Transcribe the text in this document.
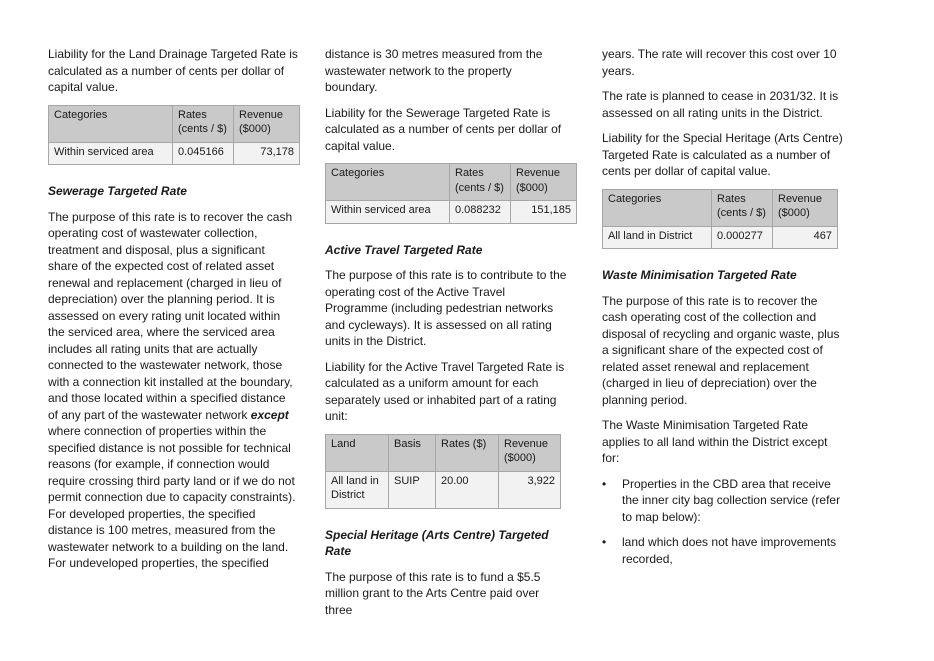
Liability for the Land Drainage Targeted Rate is calculated as a number of cents per dollar of capital value.

Categories	Rates (cents / $)	Revenue ($000)
Within serviced area	0.045166	73,178

Sewerage Targeted Rate

The purpose of this rate is to recover the cash operating cost of wastewater collection, treatment and disposal, plus a significant share of the expected cost of related asset renewal and replacement (charged in lieu of depreciation) over the planning period. It is assessed on every rating unit located within the serviced area, where the serviced area includes all rating units that are actually connected to the wastewater network, those with a connection kit installed at the boundary, and those located within a specified distance of any part of the wastewater network except where connection of properties within the specified distance is not possible for technical reasons (for example, if connection would require crossing third party land or if we do not permit connection due to capacity constraints). For developed properties, the specified distance is 100 metres, measured from the wastewater network to a building on the land. For undeveloped properties, the specified

distance is 30 metres measured from the wastewater network to the property boundary.

Liability for the Sewerage Targeted Rate is calculated as a number of cents per dollar of capital value.

Categories	Rates (cents / $)	Revenue ($000)
Within serviced area	0.088232	151,185

Active Travel Targeted Rate

The purpose of this rate is to contribute to the operating cost of the Active Travel Programme (including pedestrian networks and cycleways). It is assessed on all rating units in the District.

Liability for the Active Travel Targeted Rate is calculated as a uniform amount for each separately used or inhabited part of a rating unit:

Land	Basis	Rates ($)	Revenue ($000)
All land in District	SUIP	20.00	3,922

Special Heritage (Arts Centre) Targeted Rate

The purpose of this rate is to fund a $5.5 million grant to the Arts Centre paid over three

years. The rate will recover this cost over 10 years.

The rate is planned to cease in 2031/32. It is assessed on all rating units in the District.

Liability for the Special Heritage (Arts Centre) Targeted Rate is calculated as a number of cents per dollar of capital value.

Categories	Rates (cents / $)	Revenue ($000)
All land in District	0.000277	467

Waste Minimisation Targeted Rate

The purpose of this rate is to recover the cash operating cost of the collection and disposal of recycling and organic waste, plus a significant share of the expected cost of related asset renewal and replacement (charged in lieu of depreciation) over the planning period.

The Waste Minimisation Targeted Rate applies to all land within the District except for:

• Properties in the CBD area that receive the inner city bag collection service (refer to map below):
• land which does not have improvements recorded,
